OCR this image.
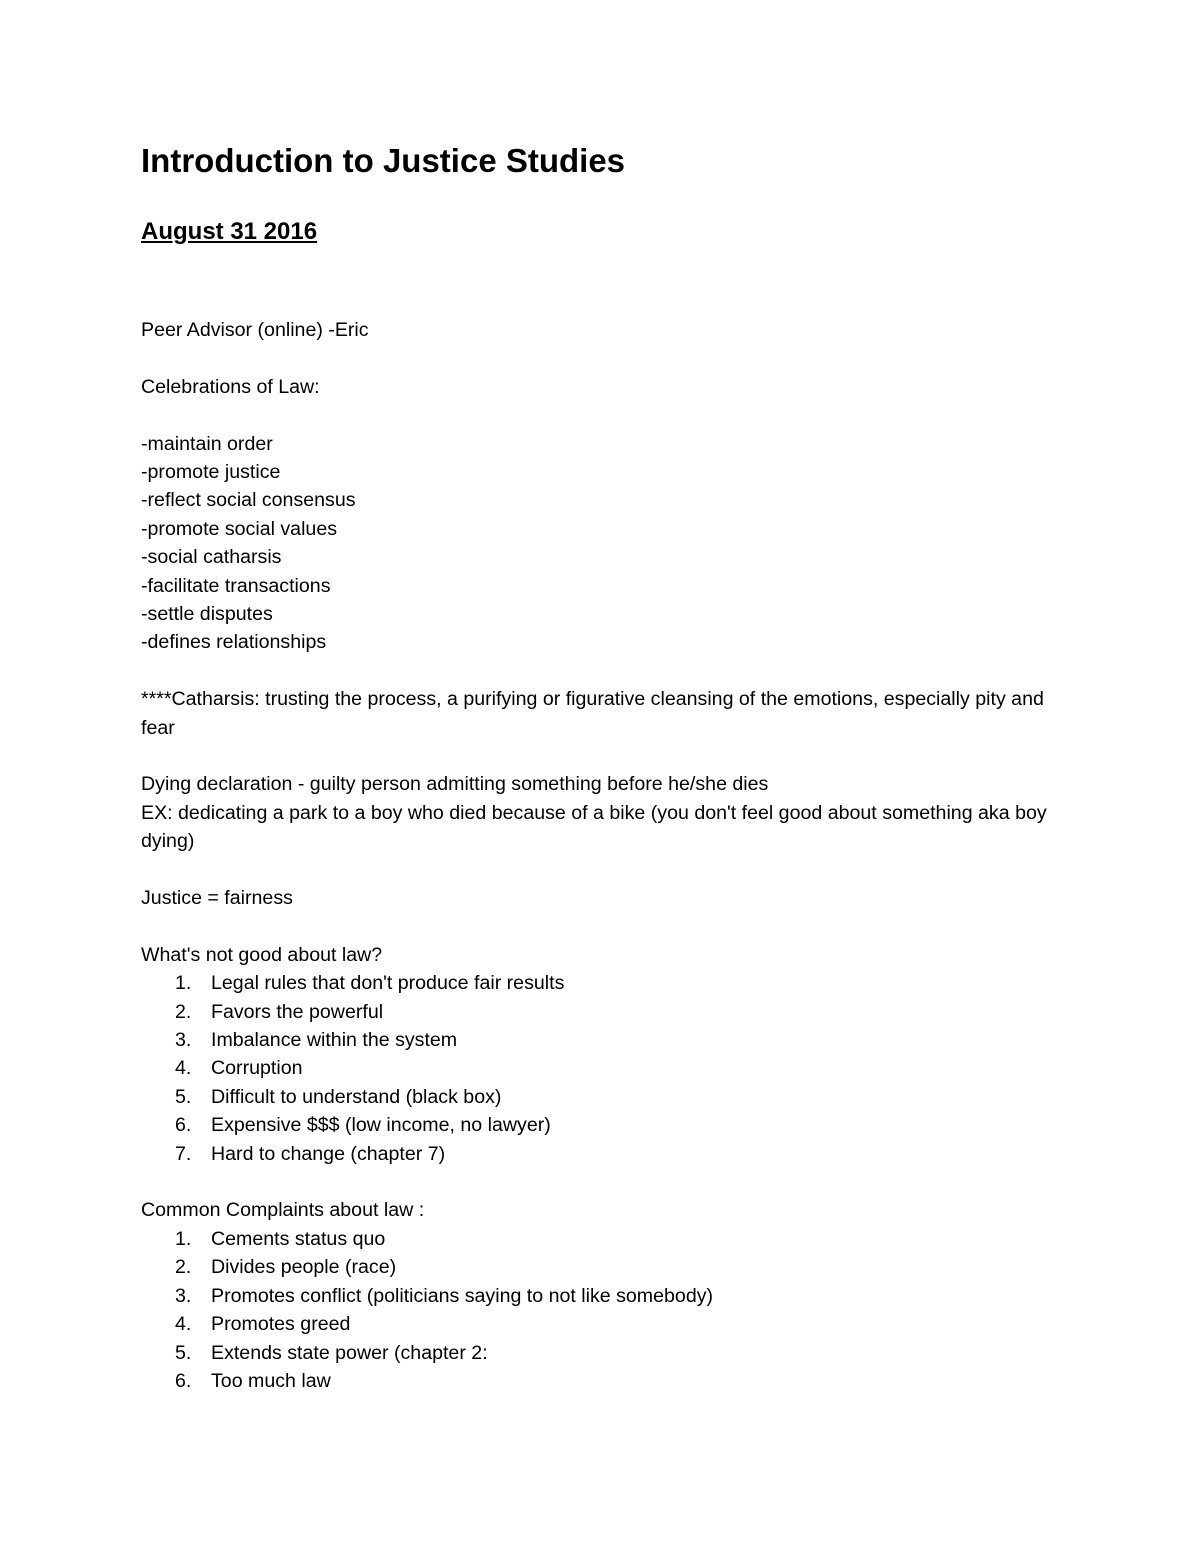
Introduction to Justice Studies
August 31 2016

Peer Advisor (online) -Eric

Celebrations of Law:

-maintain order

-promote justice

-reflect social consensus

-promote social values

-social catharsis

-facilitate transactions

-settle disputes

-defines relationships

****Catharsis: trusting the process, a purifying or figurative cleansing of the emotions, especially pity and fear

Dying declaration - guilty person admitting something before he/she dies

EX: dedicating a park to a boy who died because of a bike (you don't feel good about something aka boy dying)

Justice = fairness

What's not good about law?

1. Legal rules that don't produce fair results
2. Favors the powerful
3. Imbalance within the system
4. Corruption
5. Difficult to understand (black box)
6. Expensive $$$ (low income, no lawyer)
7. Hard to change (chapter 7)

Common Complaints about law :

1. Cements status quo
2. Divides people (race)
3. Promotes conflict (politicians saying to not like somebody)
4. Promotes greed
5. Extends state power (chapter 2:
6. Too much law
